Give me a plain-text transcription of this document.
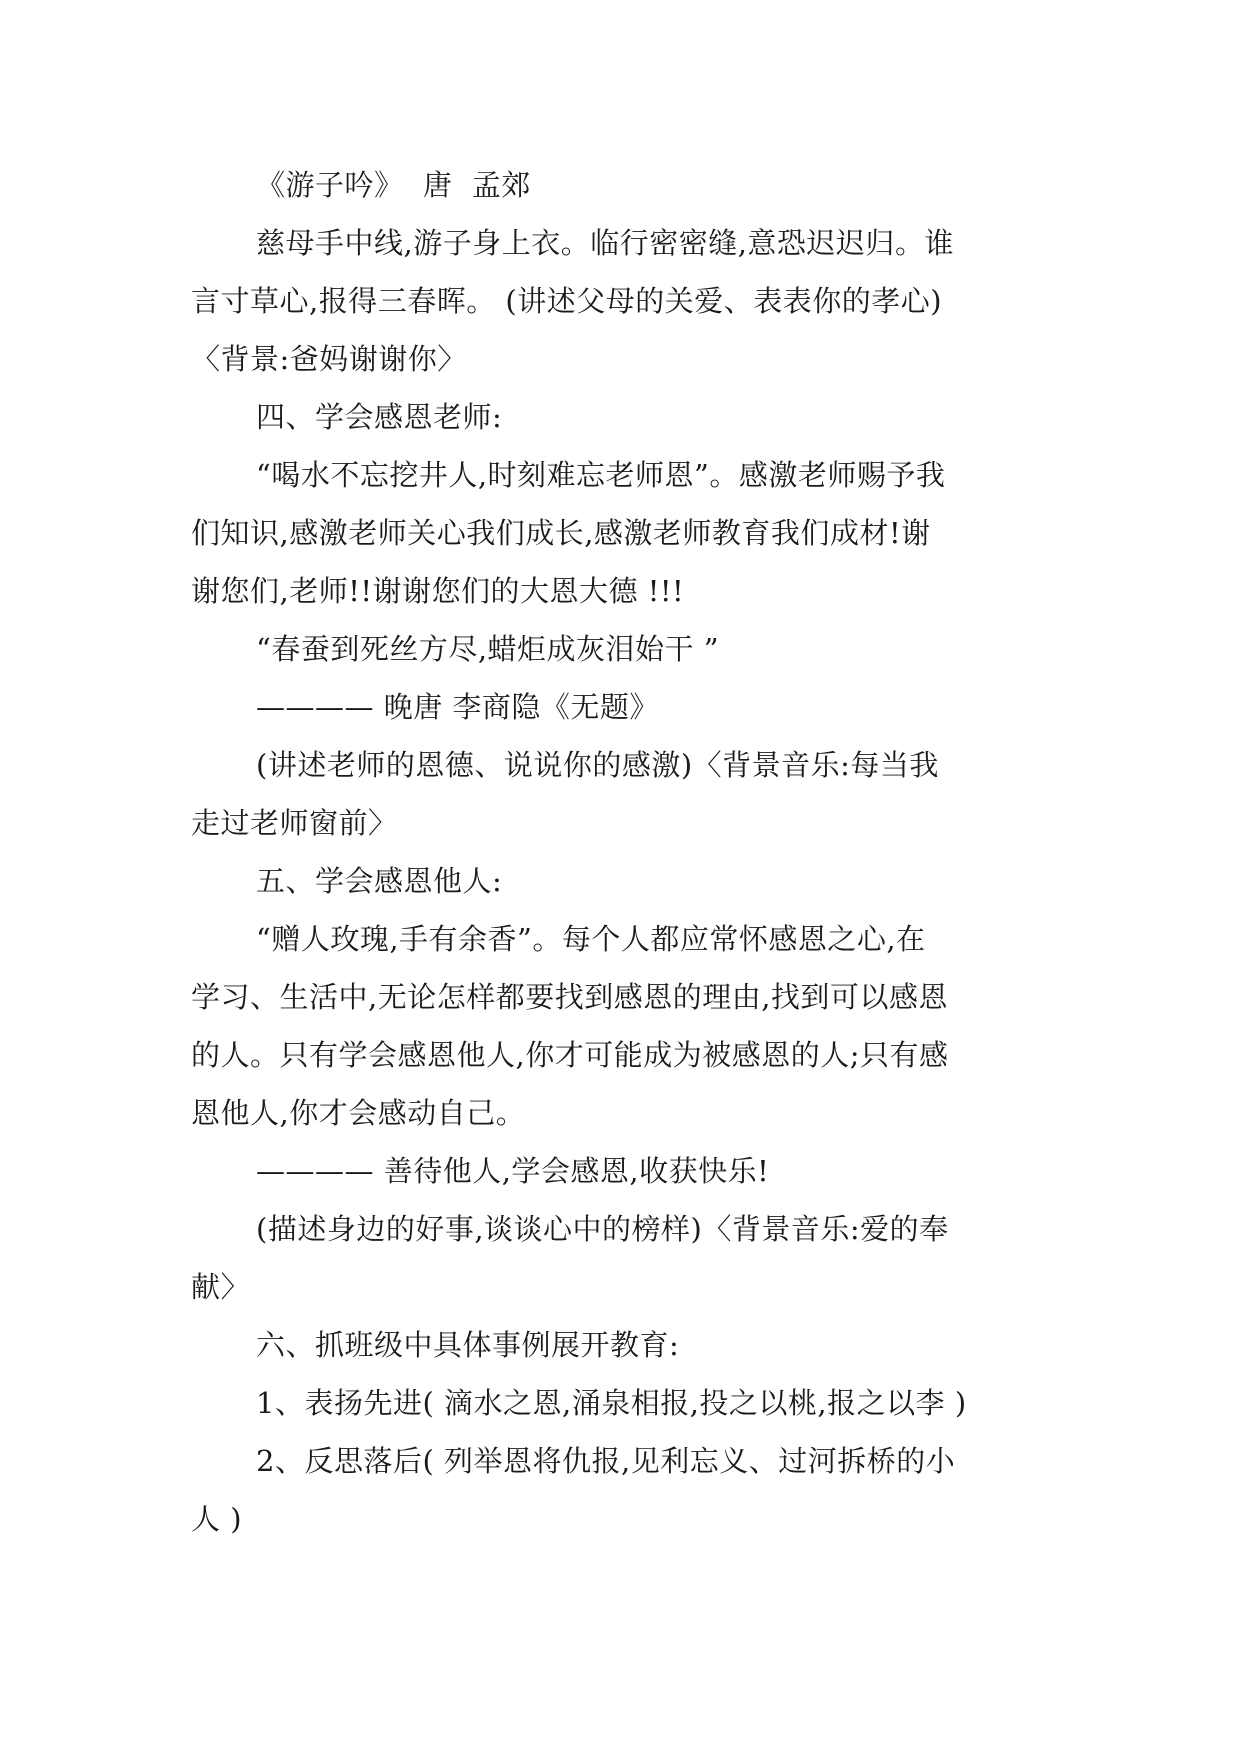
《游子吟》  唐  孟郊
慈母手中线,游子身上衣。临行密密缝,意恐迟迟归。谁
言寸草心,报得三春晖。 (讲述父母的关爱、表表你的孝心)
〈背景:爸妈谢谢你〉
四、学会感恩老师:
“喝水不忘挖井人,时刻难忘老师恩”。感激老师赐予我
们知识,感激老师关心我们成长,感激老师教育我们成材!谢
谢您们,老师!!谢谢您们的大恩大德 !!!
“春蚕到死丝方尽,蜡炬成灰泪始干 ”
———— 晚唐 李商隐《无题》
(讲述老师的恩德、说说你的感激)〈背景音乐:每当我
走过老师窗前〉
五、学会感恩他人:
“赠人玫瑰,手有余香”。每个人都应常怀感恩之心,在
学习、生活中,无论怎样都要找到感恩的理由,找到可以感恩
的人。只有学会感恩他人,你才可能成为被感恩的人;只有感
恩他人,你才会感动自己。
———— 善待他人,学会感恩,收获快乐!
(描述身边的好事,谈谈心中的榜样)〈背景音乐:爱的奉
献〉
六、抓班级中具体事例展开教育:
1、表扬先进( 滴水之恩,涌泉相报,投之以桃,报之以李 )
2、反思落后( 列举恩将仇报,见利忘义、过河拆桥的小
人 )
